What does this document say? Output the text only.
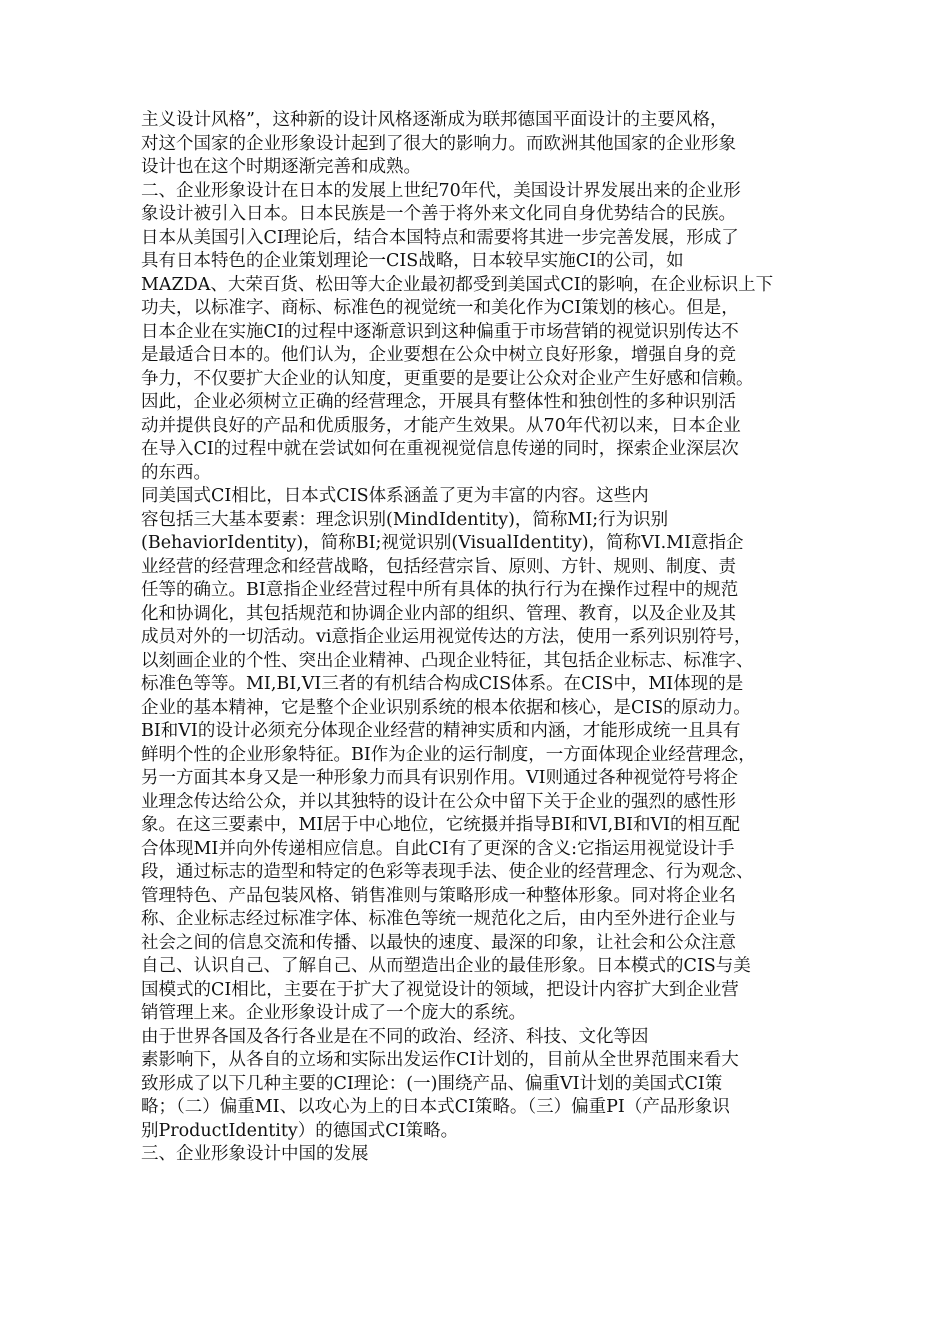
主义设计风格”，这种新的设计风格逐渐成为联邦德国平面设计的主要风格，
对这个国家的企业形象设计起到了很大的影响力。而欧洲其他国家的企业形象
设计也在这个时期逐渐完善和成熟。
二、企业形象设计在日本的发展上世纪70年代，美国设计界发展出来的企业形
象设计被引入日本。日本民族是一个善于将外来文化同自身优势结合的民族。
日本从美国引入CI理论后，结合本国特点和需要将其进一步完善发展，形成了
具有日本特色的企业策划理论一CIS战略，日本较早实施CI的公司，如
MAZDA、大荣百货、松田等大企业最初都受到美国式CI的影响，在企业标识上下
功夫，以标准字、商标、标准色的视觉统一和美化作为CI策划的核心。但是，
日本企业在实施CI的过程中逐渐意识到这种偏重于市场营销的视觉识别传达不
是最适合日本的。他们认为，企业要想在公众中树立良好形象，增强自身的竞
争力，不仅要扩大企业的认知度，更重要的是要让公众对企业产生好感和信赖。
因此，企业必须树立正确的经营理念，开展具有整体性和独创性的多种识别活
动并提供良好的产品和优质服务，才能产生效果。从70年代初以来，日本企业
在导入CI的过程中就在尝试如何在重视视觉信息传递的同时，探索企业深层次
的东西。
同美国式CI相比，日本式CIS体系涵盖了更为丰富的内容。这些内
容包括三大基本要素：理念识别(MindIdentity)，简称MI;行为识别
(BehaviorIdentity)，简称BI;视觉识别(VisualIdentity)，简称VI.MI意指企
业经营的经营理念和经营战略，包括经营宗旨、原则、方针、规则、制度、责
任等的确立。BI意指企业经营过程中所有具体的执行行为在操作过程中的规范
化和协调化，其包括规范和协调企业内部的组织、管理、教育，以及企业及其
成员对外的一切活动。vi意指企业运用视觉传达的方法，使用一系列识别符号，
以刻画企业的个性、突出企业精神、凸现企业特征，其包括企业标志、标准字、
标准色等等。MI,BI,VI三者的有机结合构成CIS体系。在CIS中，MI体现的是
企业的基本精神，它是整个企业识别系统的根本依据和核心，是CIS的原动力。
BI和VI的设计必须充分体现企业经营的精神实质和内涵，才能形成统一且具有
鲜明个性的企业形象特征。BI作为企业的运行制度，一方面体现企业经营理念，
另一方面其本身又是一种形象力而具有识别作用。VI则通过各种视觉符号将企
业理念传达给公众，并以其独特的设计在公众中留下关于企业的强烈的感性形
象。在这三要素中，MI居于中心地位，它统摄并指导BI和VI,BI和VI的相互配
合体现MI并向外传递相应信息。自此CI有了更深的含义:它指运用视觉设计手
段，通过标志的造型和特定的色彩等表现手法、使企业的经营理念、行为观念、
管理特色、产品包装风格、销售准则与策略形成一种整体形象。同对将企业名
称、企业标志经过标准字体、标准色等统一规范化之后，由内至外进行企业与
社会之间的信息交流和传播、以最快的速度、最深的印象，让社会和公众注意
自己、认识自己、了解自己、从而塑造出企业的最佳形象。日本模式的CIS与美
国模式的CI相比，主要在于扩大了视觉设计的领域，把设计内容扩大到企业营
销管理上来。企业形象设计成了一个庞大的系统。
由于世界各国及各行各业是在不同的政治、经济、科技、文化等因
素影响下，从各自的立场和实际出发运作CI计划的，目前从全世界范围来看大
致形成了以下几种主要的CI理论：(一)围绕产品、偏重VI计划的美国式CI策
略；（二）偏重MI、以攻心为上的日本式CI策略。（三）偏重PI（产品形象识
别ProductIdentity）的德国式CI策略。
三、企业形象设计中国的发展
